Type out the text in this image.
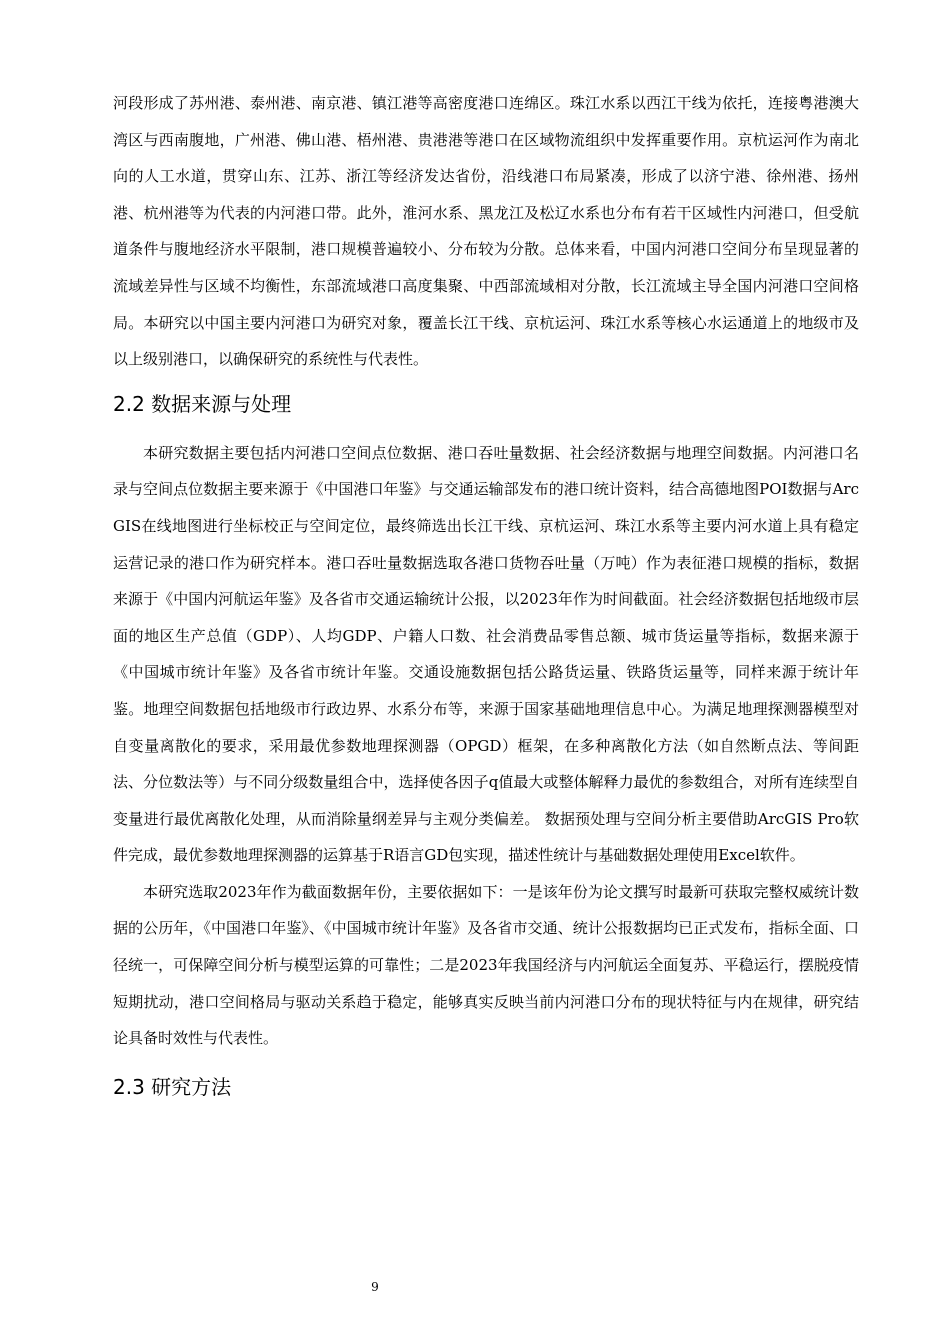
河段形成了苏州港、泰州港、南京港、镇江港等高密度港口连绵区。珠江水系以西江干线为依托，连接粤港澳大湾区与西南腹地，广州港、佛山港、梧州港、贵港港等港口在区域物流组织中发挥重要作用。京杭运河作为南北向的人工水道，贯穿山东、江苏、浙江等经济发达省份，沿线港口布局紧凑，形成了以济宁港、徐州港、扬州港、杭州港等为代表的内河港口带。此外，淮河水系、黑龙江及松辽水系也分布有若干区域性内河港口，但受航道条件与腹地经济水平限制，港口规模普遍较小、分布较为分散。总体来看，中国内河港口空间分布呈现显著的流域差异性与区域不均衡性，东部流域港口高度集聚、中西部流域相对分散，长江流域主导全国内河港口空间格局。本研究以中国主要内河港口为研究对象，覆盖长江干线、京杭运河、珠江水系等核心水运通道上的地级市及以上级别港口，以确保研究的系统性与代表性。

2.2 数据来源与处理

本研究数据主要包括内河港口空间点位数据、港口吞吐量数据、社会经济数据与地理空间数据。内河港口名录与空间点位数据主要来源于《中国港口年鉴》与交通运输部发布的港口统计资料，结合高德地图POI数据与ArcGIS在线地图进行坐标校正与空间定位，最终筛选出长江干线、京杭运河、珠江水系等主要内河水道上具有稳定运营记录的港口作为研究样本。港口吞吐量数据选取各港口货物吞吐量（万吨）作为表征港口规模的指标，数据来源于《中国内河航运年鉴》及各省市交通运输统计公报，以2023年作为时间截面。社会经济数据包括地级市层面的地区生产总值（GDP）、人均GDP、户籍人口数、社会消费品零售总额、城市货运量等指标，数据来源于《中国城市统计年鉴》及各省市统计年鉴。交通设施数据包括公路货运量、铁路货运量等，同样来源于统计年鉴。地理空间数据包括地级市行政边界、水系分布等，来源于国家基础地理信息中心。为满足地理探测器模型对自变量离散化的要求，采用最优参数地理探测器（OPGD）框架，在多种离散化方法（如自然断点法、等间距法、分位数法等）与不同分级数量组合中，选择使各因子q值最大或整体解释力最优的参数组合，对所有连续型自变量进行最优离散化处理，从而消除量纲差异与主观分类偏差。 数据预处理与空间分析主要借助ArcGIS Pro软件完成，最优参数地理探测器的运算基于R语言GD包实现，描述性统计与基础数据处理使用Excel软件。

本研究选取2023年作为截面数据年份，主要依据如下：一是该年份为论文撰写时最新可获取完整权威统计数据的公历年，《中国港口年鉴》、《中国城市统计年鉴》及各省市交通、统计公报数据均已正式发布，指标全面、口径统一，可保障空间分析与模型运算的可靠性；二是2023年我国经济与内河航运全面复苏、平稳运行，摆脱疫情短期扰动，港口空间格局与驱动关系趋于稳定，能够真实反映当前内河港口分布的现状特征与内在规律，研究结论具备时效性与代表性。

2.3 研究方法
9
